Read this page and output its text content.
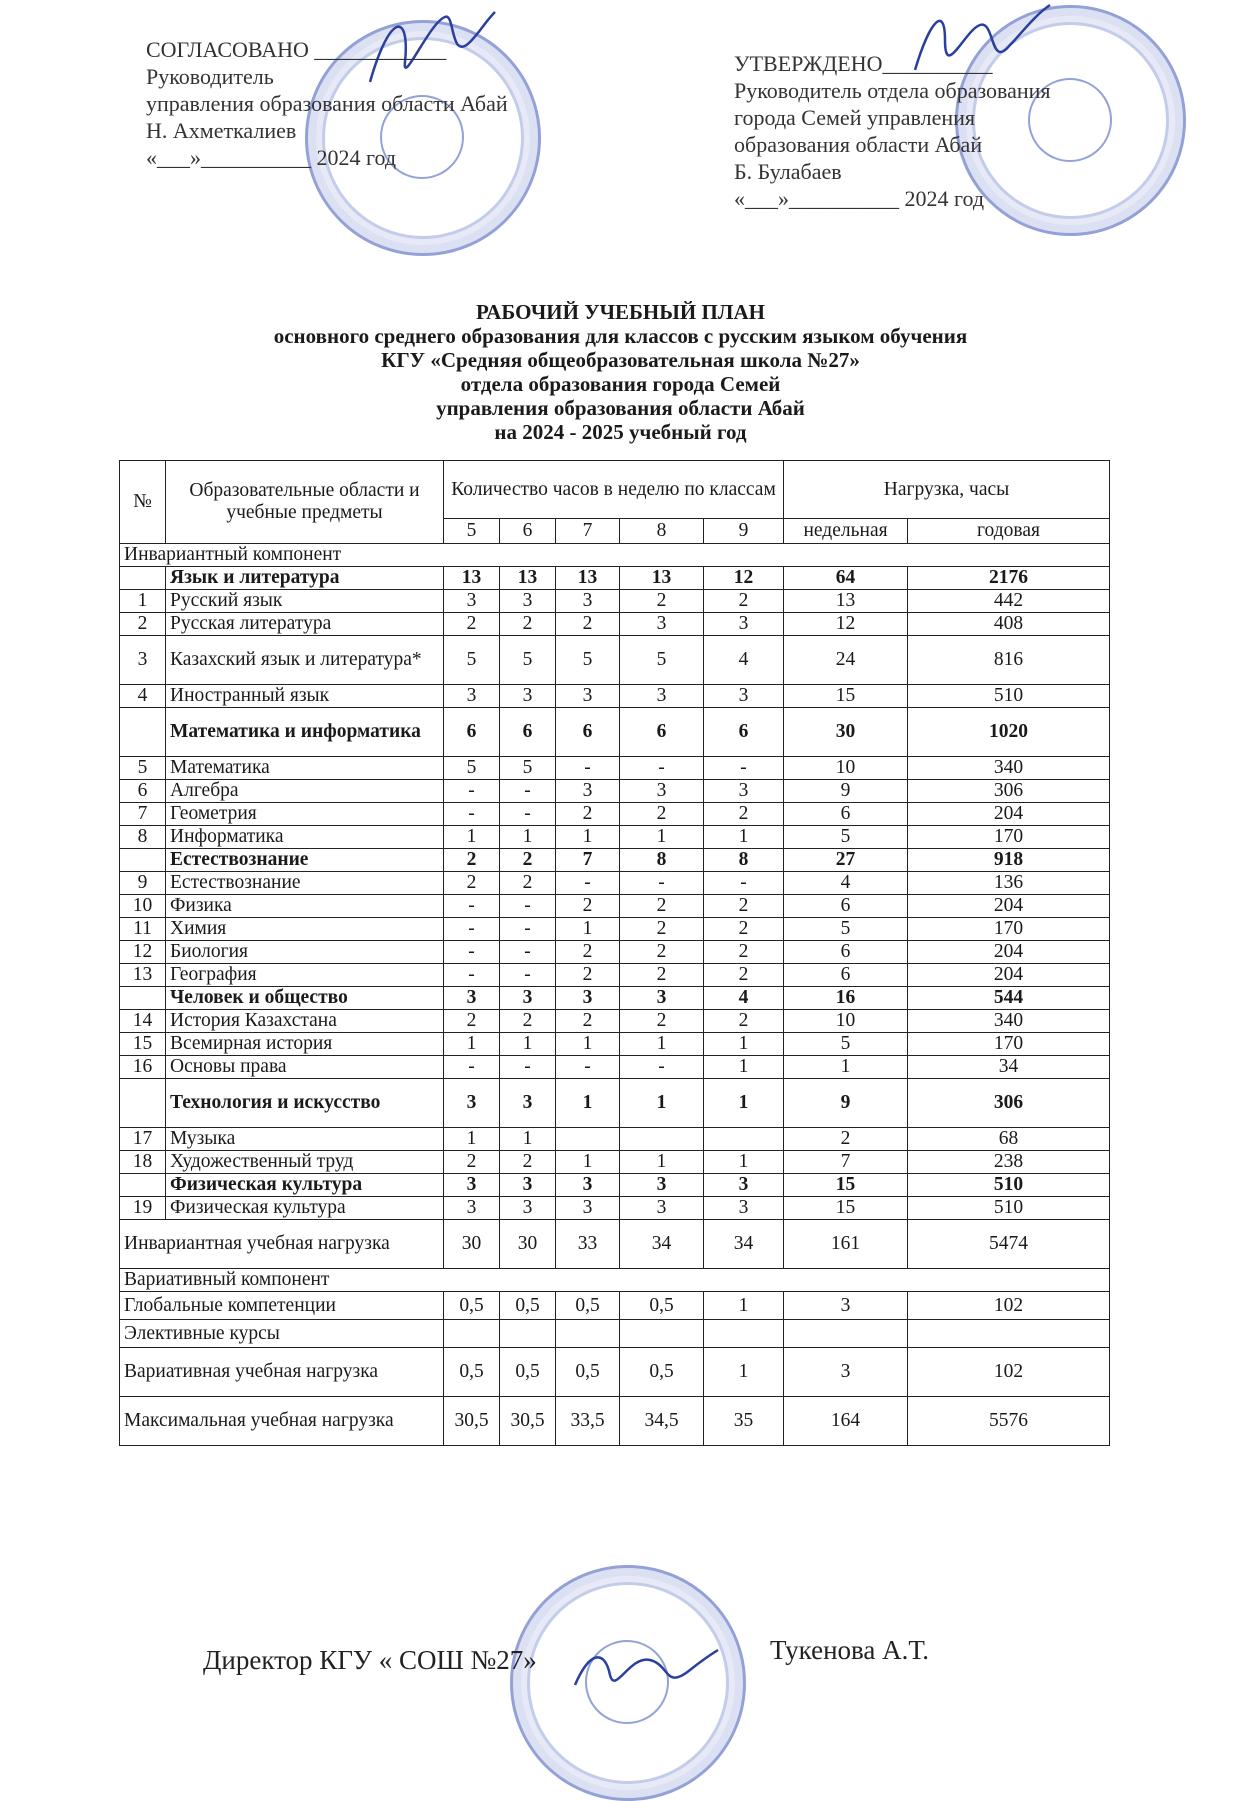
СОГЛАСОВАНО ____________
Руководитель
управления образования области Абай
Н. Ахметкалиев
«___»__________ 2024 год
УТВЕРЖДЕНО__________
Руководитель отдела образования
города Семей управления
образования области Абай
Б. Булабаев
«___»__________ 2024 год
РАБОЧИЙ УЧЕБНЫЙ ПЛАН
основного среднего образования для классов с русским языком обучения
КГУ «Средняя общеобразовательная школа №27»
отдела образования города Семей
управления образования области Абай
на 2024 - 2025 учебный год
№	Образовательные области и учебные предметы	Количество часов в неделю по классам					Нагрузка, часы	
		5	6	7	8	9	недельная	годовая
Инвариантный компонент								
	Язык и литература	13	13	13	13	12	64	2176
1	Русский язык	3	3	3	2	2	13	442
2	Русская литература	2	2	2	3	3	12	408
3	Казахский язык и литература*	5	5	5	5	4	24	816
4	Иностранный язык	3	3	3	3	3	15	510
	Математика и информатика	6	6	6	6	6	30	1020
5	Математика	5	5	-	-	-	10	340
6	Алгебра	-	-	3	3	3	9	306
7	Геометрия	-	-	2	2	2	6	204
8	Информатика	1	1	1	1	1	5	170
	Естествознание	2	2	7	8	8	27	918
9	Естествознание	2	2	-	-	-	4	136
10	Физика	-	-	2	2	2	6	204
11	Химия	-	-	1	2	2	5	170
12	Биология	-	-	2	2	2	6	204
13	География	-	-	2	2	2	6	204
	Человек и общество	3	3	3	3	4	16	544
14	История Казахстана	2	2	2	2	2	10	340
15	Всемирная история	1	1	1	1	1	5	170
16	Основы права	-	-	-	-	1	1	34
	Технология и искусство	3	3	1	1	1	9	306
17	Музыка	1	1				2	68
18	Художественный труд	2	2	1	1	1	7	238
	Физическая культура	3	3	3	3	3	15	510
19	Физическая культура	3	3	3	3	3	15	510
Инвариантная учебная нагрузка		30	30	33	34	34	161	5474
Вариативный компонент								
Глобальные компетенции		0,5	0,5	0,5	0,5	1	3	102
Элективные курсы								
Вариативная учебная нагрузка		0,5	0,5	0,5	0,5	1	3	102
Максимальная учебная нагрузка		30,5	30,5	33,5	34,5	35	164	5576
Директор КГУ « СОШ №27»	Тукенова А.Т.
